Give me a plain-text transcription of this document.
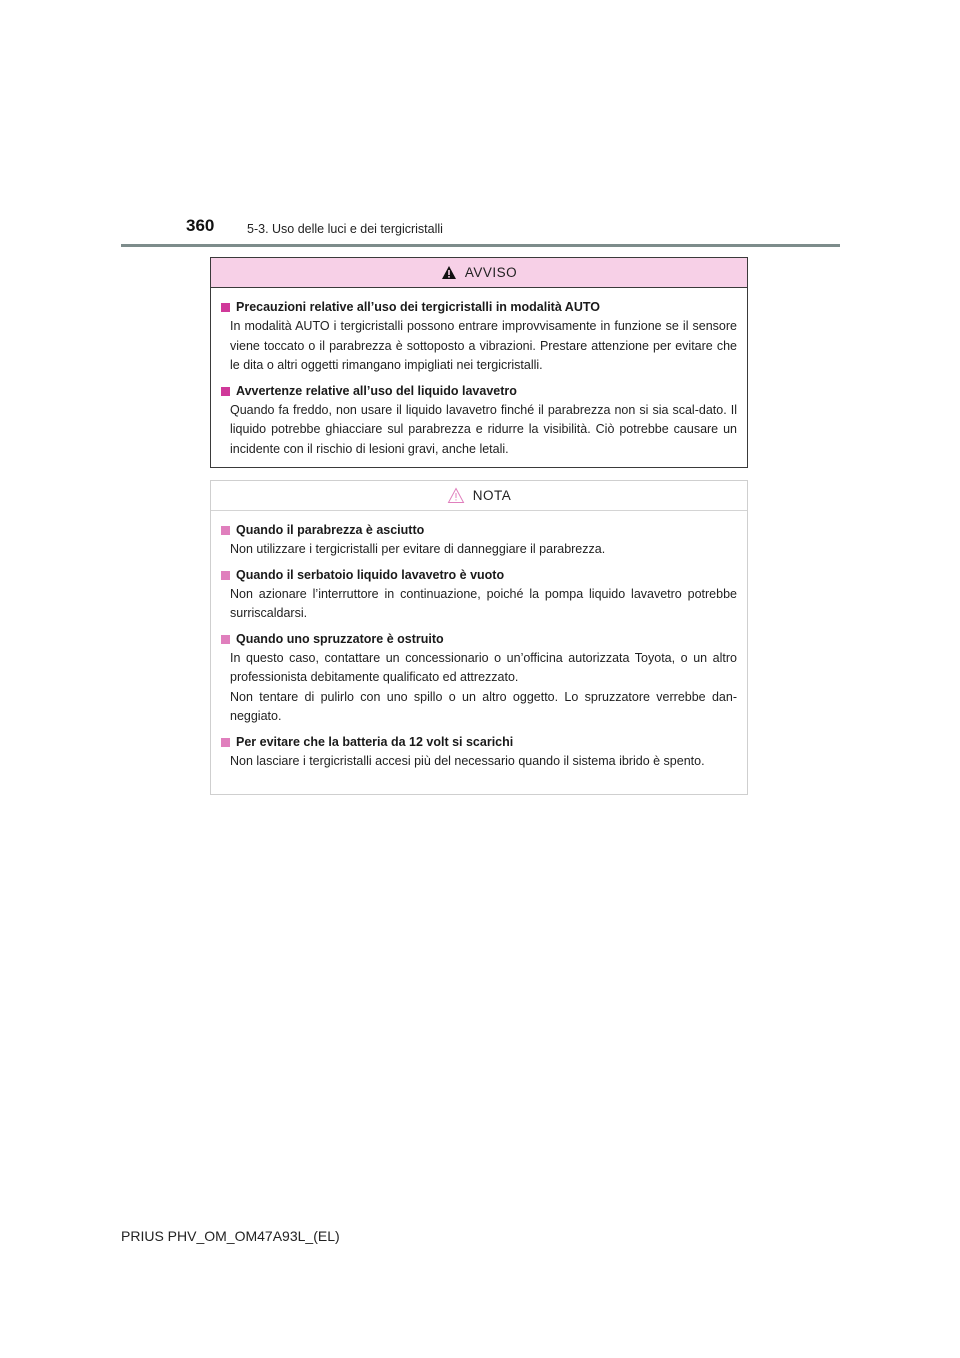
360	5-3. Uso delle luci e dei tergicristalli
AVVISO
Precauzioni relative all’uso dei tergicristalli in modalità AUTO

In modalità AUTO i tergicristalli possono entrare improvvisamente in funzione se il sensore viene toccato o il parabrezza è sottoposto a vibrazioni. Prestare attenzione per evitare che le dita o altri oggetti rimangano impigliati nei tergicristalli.

Avvertenze relative all’uso del liquido lavavetro

Quando fa freddo, non usare il liquido lavavetro finché il parabrezza non si sia scal-dato. Il liquido potrebbe ghiacciare sul parabrezza e ridurre la visibilità. Ciò potrebbe causare un incidente con il rischio di lesioni gravi, anche letali.

NOTA
Quando il parabrezza è asciutto

Non utilizzare i tergicristalli per evitare di danneggiare il parabrezza.

Quando il serbatoio liquido lavavetro è vuoto

Non azionare l’interruttore in continuazione, poiché la pompa liquido lavavetro potrebbe surriscaldarsi.

Quando uno spruzzatore è ostruito

In questo caso, contattare un concessionario o un’officina autorizzata Toyota, o un altro professionista debitamente qualificato ed attrezzato.

Non tentare di pulirlo con uno spillo o un altro oggetto. Lo spruzzatore verrebbe dan-neggiato.

Per evitare che la batteria da 12 volt si scarichi

Non lasciare i tergicristalli accesi più del necessario quando il sistema ibrido è spento.

PRIUS PHV_OM_OM47A93L_(EL)
